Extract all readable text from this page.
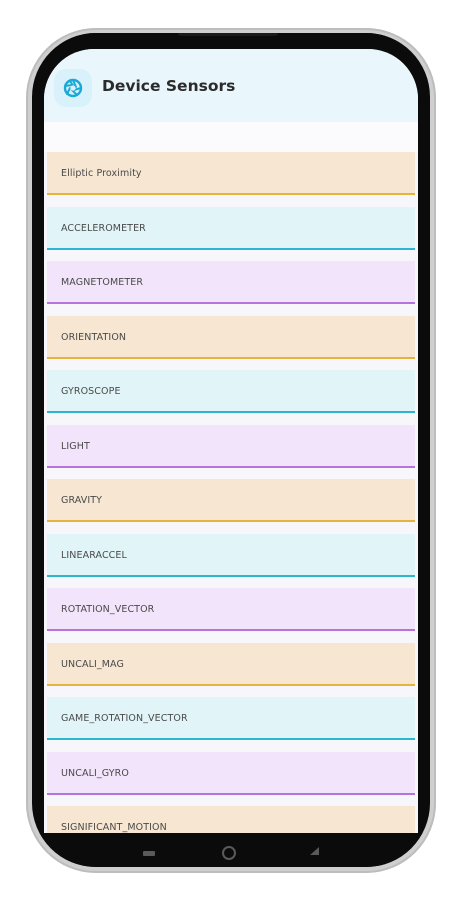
Device Sensors
Elliptic Proximity
ACCELEROMETER
MAGNETOMETER
ORIENTATION
GYROSCOPE
LIGHT
GRAVITY
LINEARACCEL
ROTATION_VECTOR
UNCALI_MAG
GAME_ROTATION_VECTOR
UNCALI_GYRO
SIGNIFICANT_MOTION
